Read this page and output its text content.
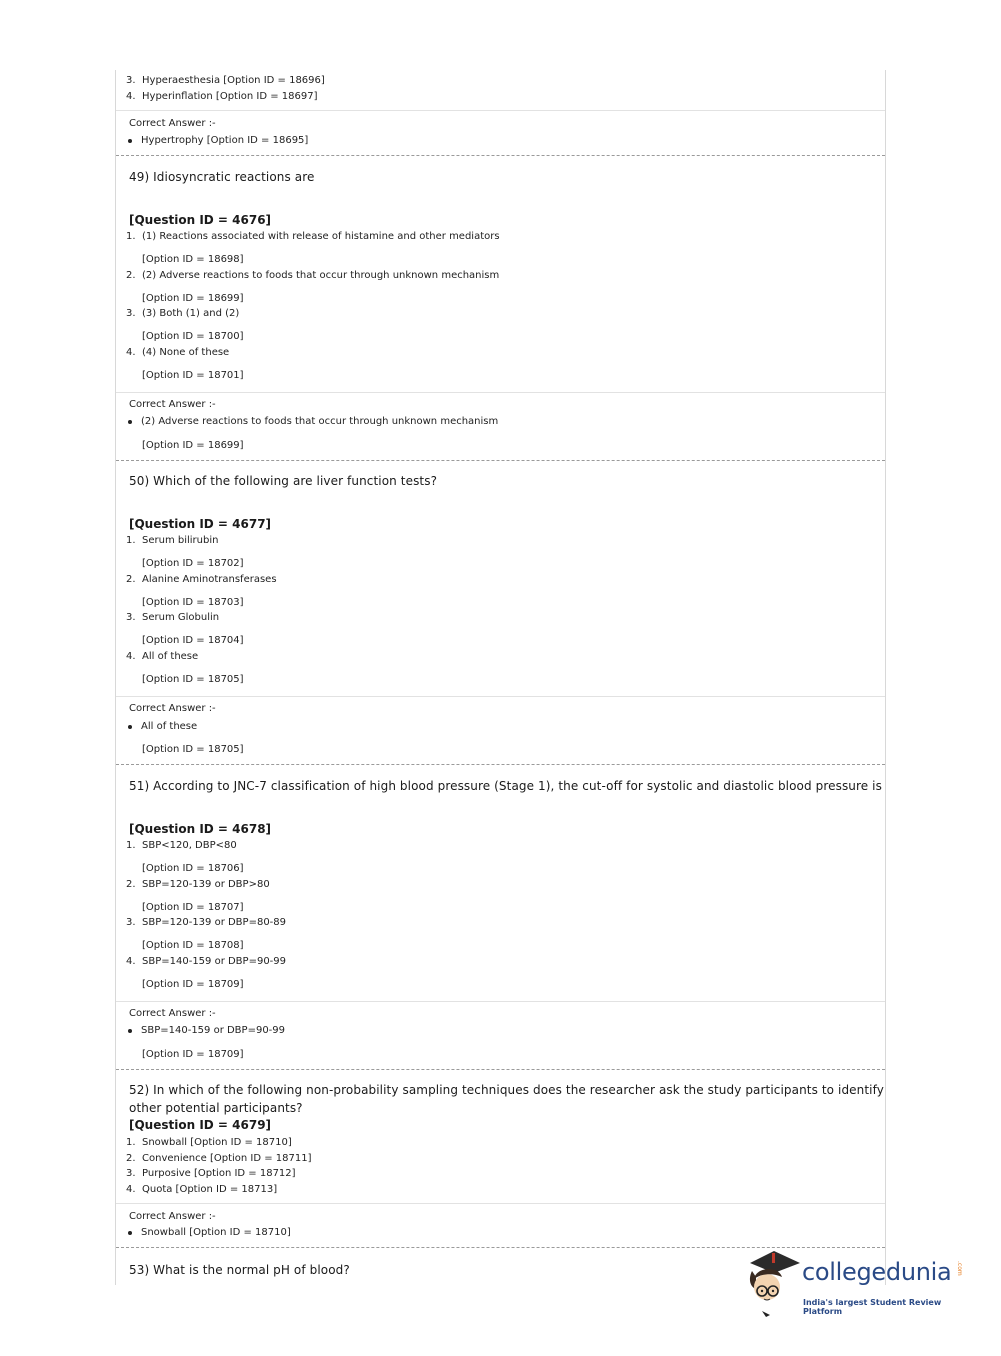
3. Hyperaesthesia [Option ID = 18696]
4. Hyperinflation [Option ID = 18697]
Correct Answer :-
Hypertrophy [Option ID = 18695]
49) Idiosyncratic reactions are
[Question ID = 4676]
1. (1) Reactions associated with release of histamine and other mediators
[Option ID = 18698]
2. (2) Adverse reactions to foods that occur through unknown mechanism
[Option ID = 18699]
3. (3) Both (1) and (2)
[Option ID = 18700]
4. (4) None of these
[Option ID = 18701]
Correct Answer :-
(2) Adverse reactions to foods that occur through unknown mechanism
[Option ID = 18699]
50) Which of the following are liver function tests?
[Question ID = 4677]
1. Serum bilirubin
[Option ID = 18702]
2. Alanine Aminotransferases
[Option ID = 18703]
3. Serum Globulin
[Option ID = 18704]
4. All of these
[Option ID = 18705]
Correct Answer :-
All of these
[Option ID = 18705]
51) According to JNC-7 classification of high blood pressure (Stage 1), the cut-off for systolic and diastolic blood pressure is
[Question ID = 4678]
1. SBP<120, DBP<80
[Option ID = 18706]
2. SBP=120-139 or DBP>80
[Option ID = 18707]
3. SBP=120-139 or DBP=80-89
[Option ID = 18708]
4. SBP=140-159 or DBP=90-99
[Option ID = 18709]
Correct Answer :-
SBP=140-159 or DBP=90-99
[Option ID = 18709]
52) In which of the following non-probability sampling techniques does the researcher ask the study participants to identify
other potential participants?
[Question ID = 4679]
1. Snowball [Option ID = 18710]
2. Convenience [Option ID = 18711]
3. Purposive [Option ID = 18712]
4. Quota [Option ID = 18713]
Correct Answer :-
Snowball [Option ID = 18710]
53) What is the normal pH of blood?	collegedunia .com
India's largest Student Review Platform
